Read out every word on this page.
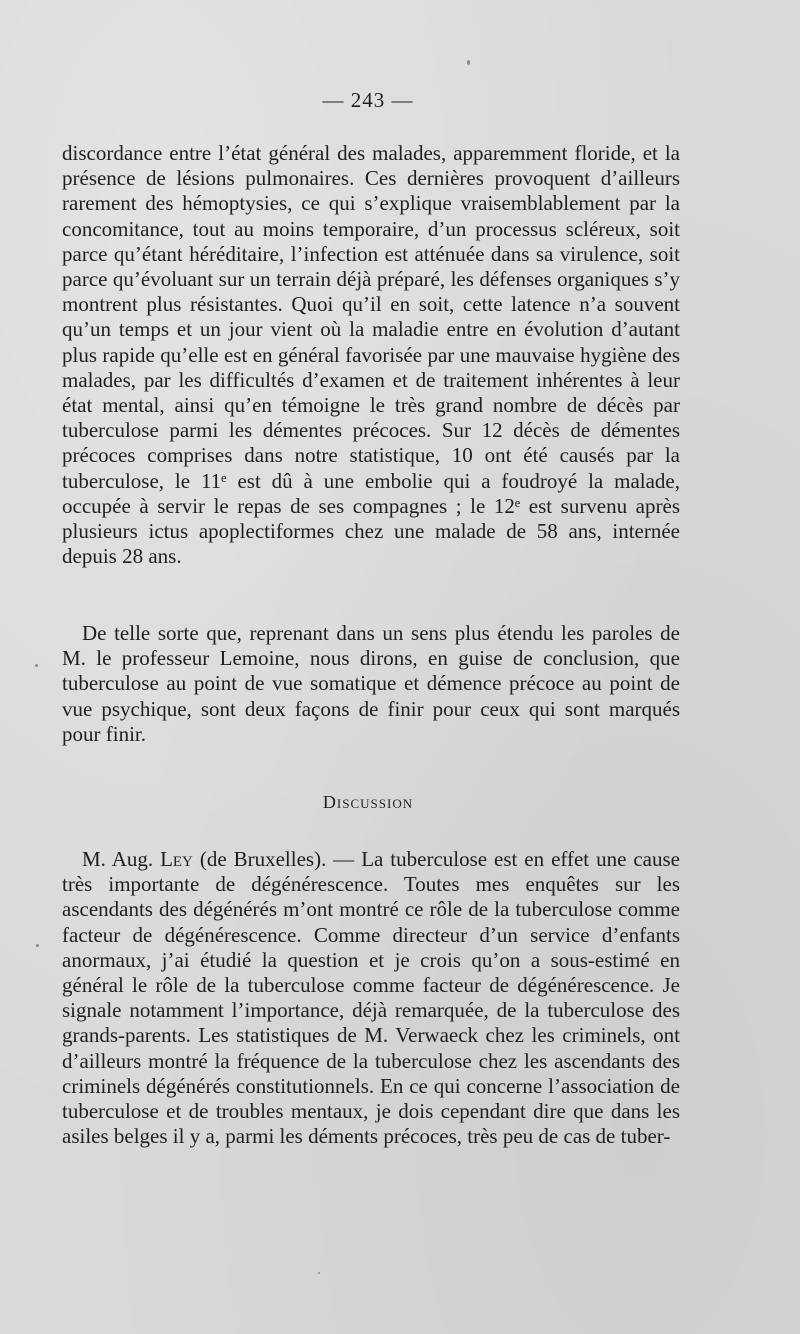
— 243 —

discordance entre l’état général des malades, apparemment floride, et la présence de lésions pulmonaires. Ces dernières provoquent d’ailleurs rarement des hémoptysies, ce qui s’explique vraisemblablement par la concomitance, tout au moins temporaire, d’un processus scléreux, soit parce qu’étant héréditaire, l’infection est atténuée dans sa virulence, soit parce qu’évoluant sur un terrain déjà préparé, les défenses organiques s’y montrent plus résistantes. Quoi qu’il en soit, cette latence n’a souvent qu’un temps et un jour vient où la maladie entre en évolution d’autant plus rapide qu’elle est en général favorisée par une mauvaise hygiène des malades, par les difficultés d’examen et de traitement inhérentes à leur état mental, ainsi qu’en témoigne le très grand nombre de décès par tuberculose parmi les démentes précoces. Sur 12 décès de démentes précoces comprises dans notre statistique, 10 ont été causés par la tuberculose, le 11ᵉ est dû à une embolie qui a foudroyé la malade, occupée à servir le repas de ses compagnes ; le 12ᵉ est survenu après plusieurs ictus apoplectiformes chez une malade de 58 ans, internée depuis 28 ans.

De telle sorte que, reprenant dans un sens plus étendu les paroles de M. le professeur Lemoine, nous dirons, en guise de conclusion, que tuberculose au point de vue somatique et démence précoce au point de vue psychique, sont deux façons de finir pour ceux qui sont marqués pour finir.

Discussion

M. Aug. Ley (de Bruxelles). — La tuberculose est en effet une cause très importante de dégénérescence. Toutes mes enquêtes sur les ascendants des dégénérés m’ont montré ce rôle de la tuberculose comme facteur de dégénérescence. Comme directeur d’un service d’enfants anormaux, j’ai étudié la question et je crois qu’on a sous-estimé en général le rôle de la tuberculose comme facteur de dégénérescence. Je signale notamment l’importance, déjà remarquée, de la tuberculose des grands-parents. Les statistiques de M. Verwaeck chez les criminels, ont d’ailleurs montré la fréquence de la tuberculose chez les ascendants des criminels dégénérés constitutionnels. En ce qui concerne l’association de tuberculose et de troubles mentaux, je dois cependant dire que dans les asiles belges il y a, parmi les déments précoces, très peu de cas de tuber-
